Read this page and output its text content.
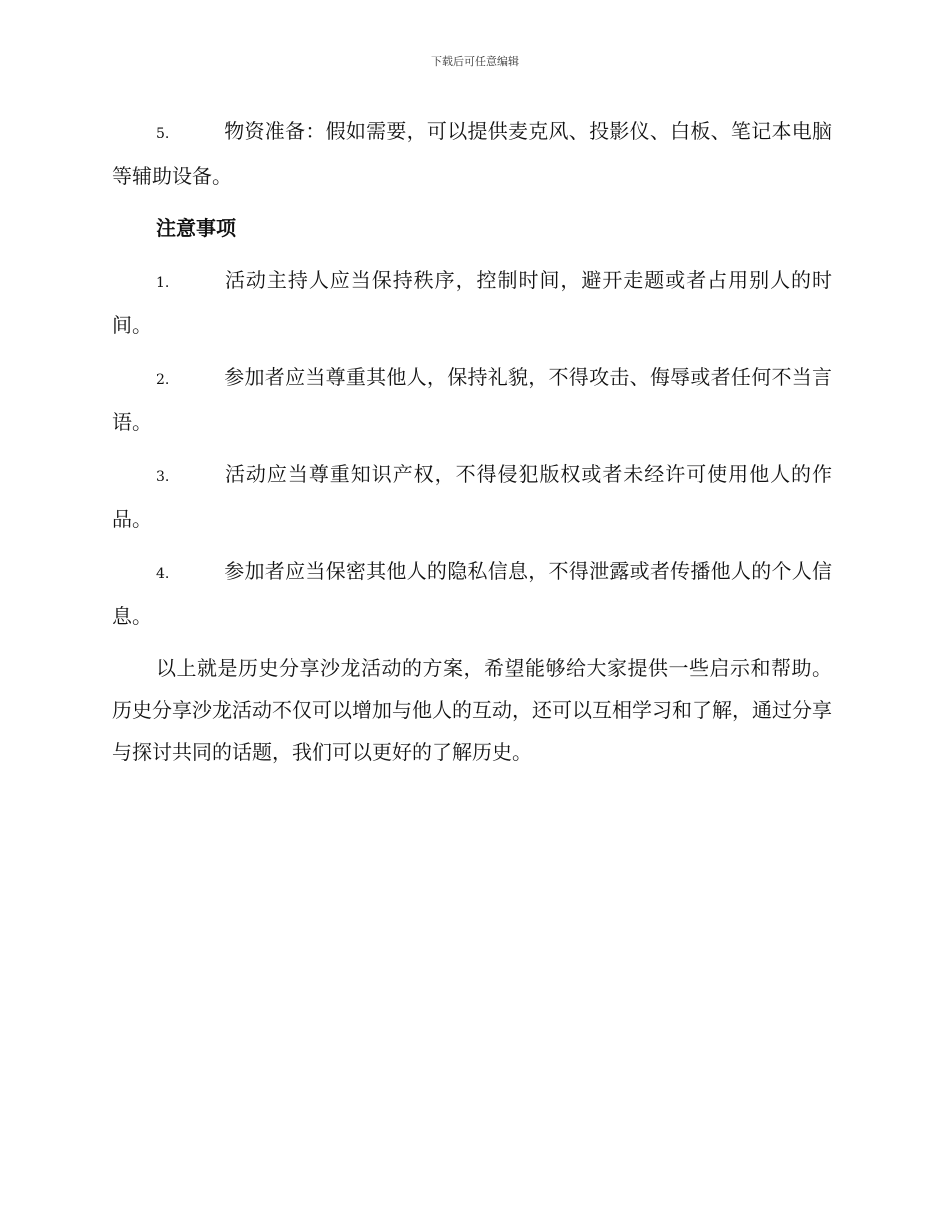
下载后可任意编辑

5.	物资准备：假如需要，可以提供麦克风、投影仪、白板、笔记本电脑等辅助设备。

注意事项

1.	活动主持人应当保持秩序，控制时间，避开走题或者占用别人的时间。

2.	参加者应当尊重其他人，保持礼貌，不得攻击、侮辱或者任何不当言语。

3.	活动应当尊重知识产权，不得侵犯版权或者未经许可使用他人的作品。

4.	参加者应当保密其他人的隐私信息，不得泄露或者传播他人的个人信息。

以上就是历史分享沙龙活动的方案，希望能够给大家提供一些启示和帮助。历史分享沙龙活动不仅可以增加与他人的互动，还可以互相学习和了解，通过分享与探讨共同的话题，我们可以更好的了解历史。
